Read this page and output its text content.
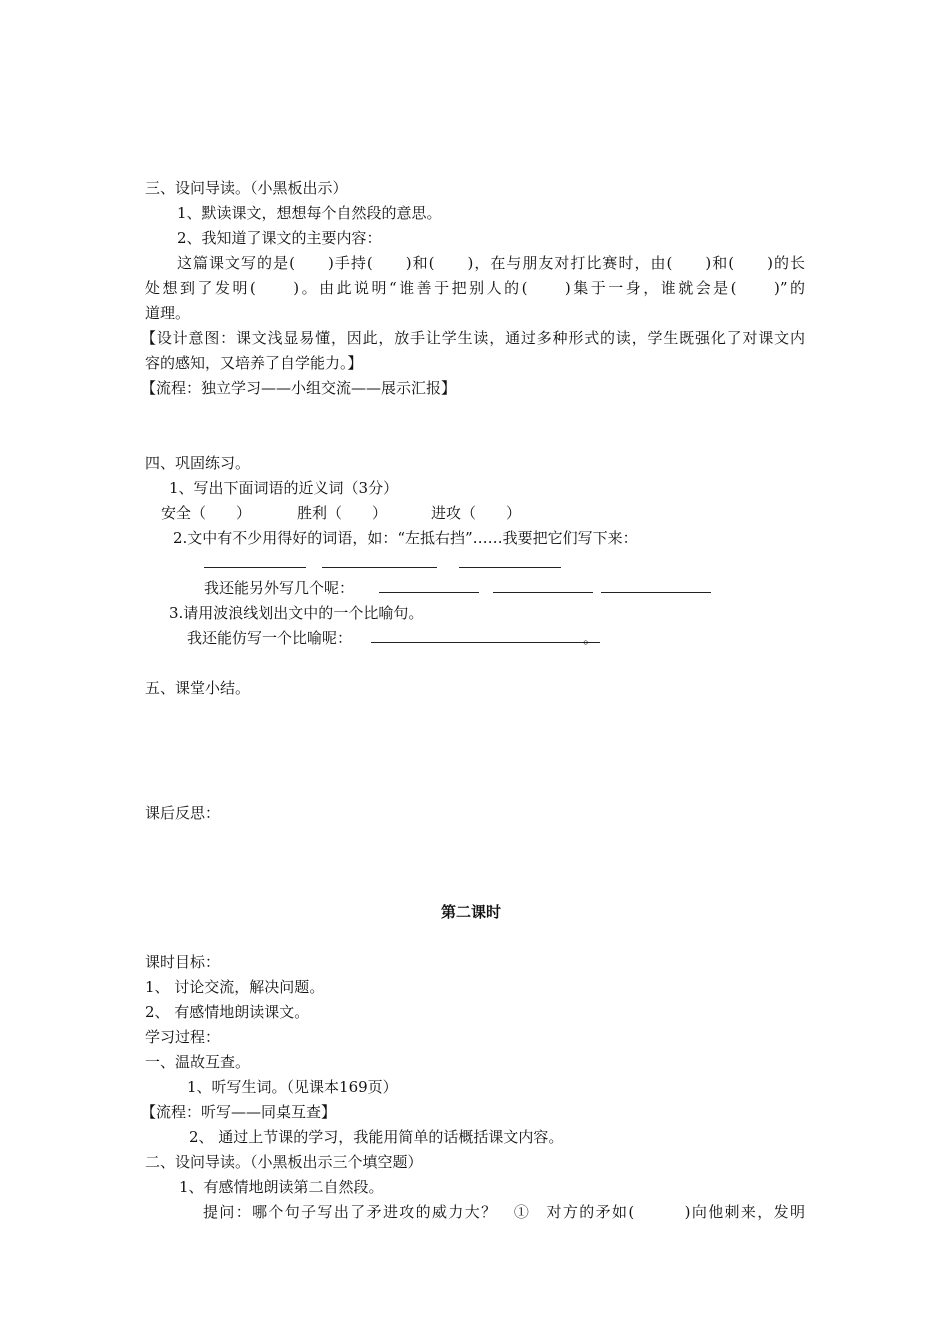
三、设问导读。（小黑板出示）
1、默读课文，想想每个自然段的意思。
2、我知道了课文的主要内容：
这篇课文写的是(　　)手持(　　)和(　　)，在与朋友对打比赛时，由(　　)和(　　)的长
处想到了发明(　　)。由此说明“谁善于把别人的(　　)集于一身，谁就会是(　　)”的
道理。
【设计意图：课文浅显易懂，因此，放手让学生读，通过多种形式的读，学生既强化了对课文内
容的感知，又培养了自学能力。】
【流程：独立学习——小组交流——展示汇报】
四、巩固练习。
1、写出下面词语的近义词（3分）
安全（　　）	胜利（　　）	进攻（　　）
2.文中有不少用得好的词语，如：“左抵右挡”……我要把它们写下来：
我还能另外写几个呢：
3.请用波浪线划出文中的一个比喻句。
我还能仿写一个比喻呢：	。
五、课堂小结。
课后反思：
第二课时
课时目标：
1、 讨论交流，解决问题。
2、 有感情地朗读课文。
学习过程：
一、温故互查。
1、听写生词。（见课本169页）
【流程：听写——同桌互查】
2、 通过上节课的学习，我能用简单的话概括课文内容。
二、设问导读。（小黑板出示三个填空题）
1、有感情地朗读第二自然段。
提问：哪个句子写出了矛进攻的威力大？　①　对方的矛如(　　　)向他刺来，发明
